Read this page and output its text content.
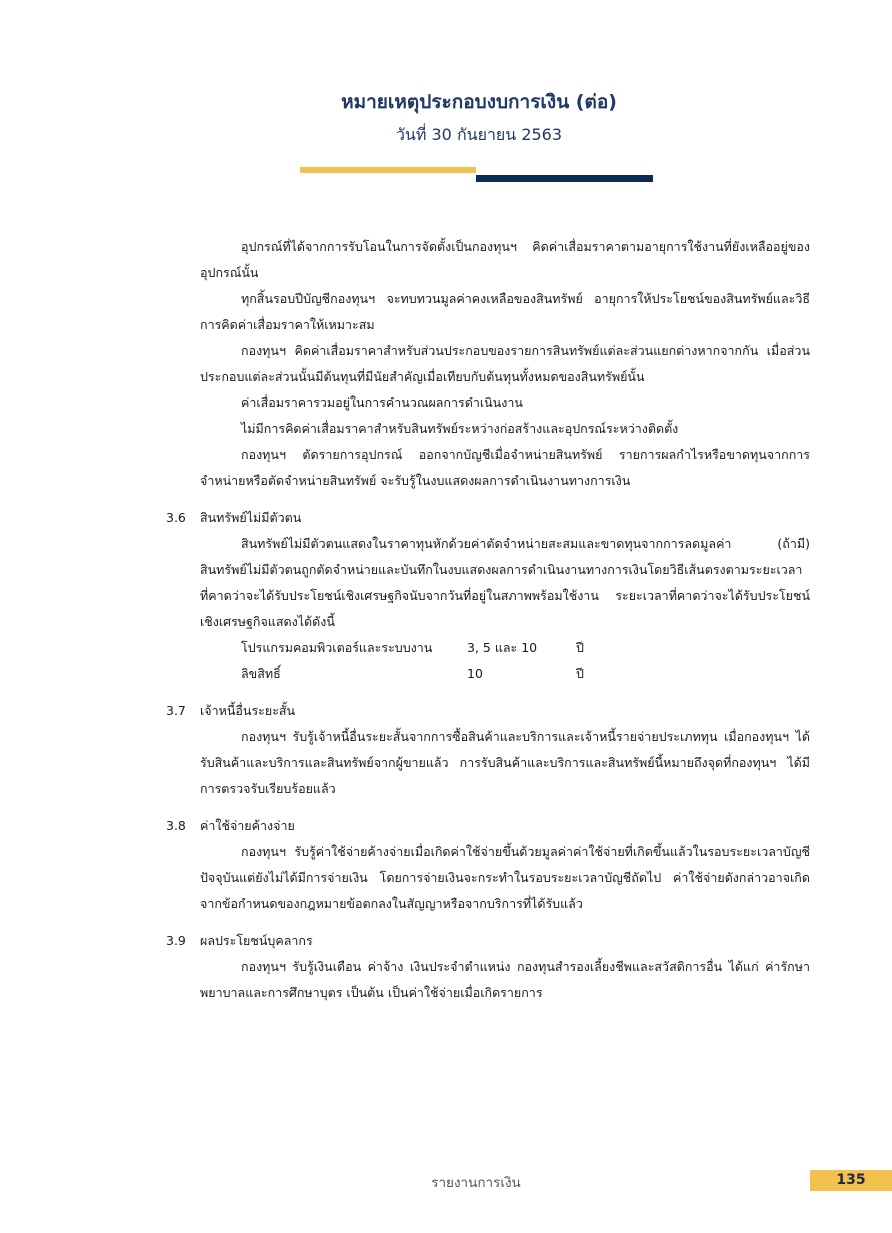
หมายเหตุประกอบงบการเงิน (ต่อ)
วันที่ 30 กันยายน 2563
อุปกรณ์ที่ได้จากการรับโอนในการจัดตั้งเป็นกองทุนฯ คิดค่าเสื่อมราคาตามอายุการใช้งานที่ยังเหลืออยู่ของอุปกรณ์นั้น
ทุกสิ้นรอบปีบัญชีกองทุนฯ จะทบทวนมูลค่าคงเหลือของสินทรัพย์ อายุการให้ประโยชน์ของสินทรัพย์และวิธีการคิดค่าเสื่อมราคาให้เหมาะสม
กองทุนฯ คิดค่าเสื่อมราคาสำหรับส่วนประกอบของรายการสินทรัพย์แต่ละส่วนแยกต่างหากจากกัน เมื่อส่วนประกอบแต่ละส่วนนั้นมีต้นทุนที่มีนัยสำคัญเมื่อเทียบกับต้นทุนทั้งหมดของสินทรัพย์นั้น
ค่าเสื่อมราคารวมอยู่ในการคำนวณผลการดำเนินงาน
ไม่มีการคิดค่าเสื่อมราคาสำหรับสินทรัพย์ระหว่างก่อสร้างและอุปกรณ์ระหว่างติดตั้ง
กองทุนฯ ตัดรายการอุปกรณ์ ออกจากบัญชีเมื่อจำหน่ายสินทรัพย์ รายการผลกำไรหรือขาดทุนจากการจำหน่ายหรือตัดจำหน่ายสินทรัพย์ จะรับรู้ในงบแสดงผลการดำเนินงานทางการเงิน
3.6	สินทรัพย์ไม่มีตัวตน
สินทรัพย์ไม่มีตัวตนแสดงในราคาทุนหักด้วยค่าตัดจำหน่ายสะสมและขาดทุนจากการลดมูลค่า (ถ้ามี) สินทรัพย์ไม่มีตัวตนถูกตัดจำหน่ายและบันทึกในงบแสดงผลการดำเนินงานทางการเงินโดยวิธีเส้นตรงตามระยะเวลาที่คาดว่าจะได้รับประโยชน์เชิงเศรษฐกิจนับจากวันที่อยู่ในสภาพพร้อมใช้งาน ระยะเวลาที่คาดว่าจะได้รับประโยชน์เชิงเศรษฐกิจแสดงได้ดังนี้
โปรแกรมคอมพิวเตอร์และระบบงาน	3, 5 และ 10	ปี
ลิขสิทธิ์	10	ปี
3.7	เจ้าหนี้อื่นระยะสั้น
กองทุนฯ รับรู้เจ้าหนี้อื่นระยะสั้นจากการซื้อสินค้าและบริการและเจ้าหนี้รายจ่ายประเภททุน เมื่อกองทุนฯ ได้รับสินค้าและบริการและสินทรัพย์จากผู้ขายแล้ว การรับสินค้าและบริการและสินทรัพย์นี้หมายถึงจุดที่กองทุนฯ ได้มีการตรวจรับเรียบร้อยแล้ว
3.8	ค่าใช้จ่ายค้างจ่าย
กองทุนฯ รับรู้ค่าใช้จ่ายค้างจ่ายเมื่อเกิดค่าใช้จ่ายขึ้นด้วยมูลค่าค่าใช้จ่ายที่เกิดขึ้นแล้วในรอบระยะเวลาบัญชีปัจจุบันแต่ยังไม่ได้มีการจ่ายเงิน โดยการจ่ายเงินจะกระทำในรอบระยะเวลาบัญชีถัดไป ค่าใช้จ่ายดังกล่าวอาจเกิดจากข้อกำหนดของกฎหมายข้อตกลงในสัญญาหรือจากบริการที่ได้รับแล้ว
3.9	ผลประโยชน์บุคลากร
กองทุนฯ รับรู้เงินเดือน ค่าจ้าง เงินประจำตำแหน่ง กองทุนสำรองเลี้ยงชีพและสวัสดิการอื่น ได้แก่ ค่ารักษาพยาบาลและการศึกษาบุตร เป็นต้น เป็นค่าใช้จ่ายเมื่อเกิดรายการ
รายงานการเงิน	135
